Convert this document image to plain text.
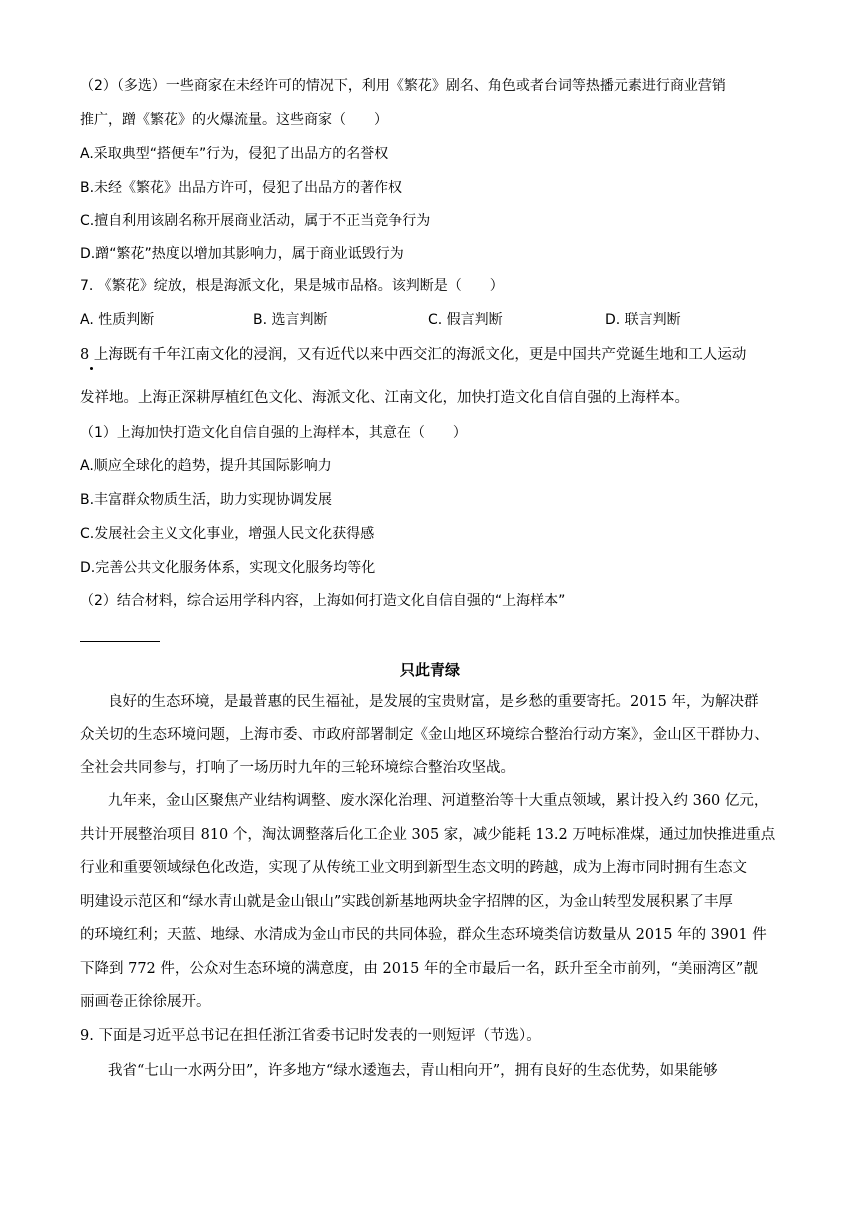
（2）（多选）一些商家在未经许可的情况下，利用《繁花》剧名、角色或者台词等热播元素进行商业营销
推广，蹭《繁花》的火爆流量。这些商家（　　）
A.采取典型“搭便车”行为，侵犯了出品方的名誉权
B.未经《繁花》出品方许可，侵犯了出品方的著作权
C.擅自利用该剧名称开展商业活动，属于不正当竞争行为
D.蹭“繁花”热度以增加其影响力，属于商业诋毁行为
7. 《繁花》绽放，根是海派文化，果是城市品格。该判断是（　　）
A. 性质判断	B. 选言判断	C. 假言判断	D. 联言判断
8 上海既有千年江南文化的浸润，又有近代以来中西交汇的海派文化，更是中国共产党诞生地和工人运动
发祥地。上海正深耕厚植红色文化、海派文化、江南文化，加快打造文化自信自强的上海样本。
（1）上海加快打造文化自信自强的上海样本，其意在（　　）
A.顺应全球化的趋势，提升其国际影响力
B.丰富群众物质生活，助力实现协调发展
C.发展社会主义文化事业，增强人民文化获得感
D.完善公共文化服务体系，实现文化服务均等化
（2）结合材料，综合运用学科内容，上海如何打造文化自信自强的“上海样本”
只此青绿
良好的生态环境，是最普惠的民生福祉，是发展的宝贵财富，是乡愁的重要寄托。2015 年，为解决群
众关切的生态环境问题，上海市委、市政府部署制定《金山地区环境综合整治行动方案》，金山区干群协力、
全社会共同参与，打响了一场历时九年的三轮环境综合整治攻坚战。
九年来，金山区聚焦产业结构调整、废水深化治理、河道整治等十大重点领域，累计投入约 360 亿元，
共计开展整治项目 810 个，淘汰调整落后化工企业 305 家，减少能耗 13.2 万吨标准煤，通过加快推进重点
行业和重要领域绿色化改造，实现了从传统工业文明到新型生态文明的跨越，成为上海市同时拥有生态文
明建设示范区和“绿水青山就是金山银山”实践创新基地两块金字招牌的区，为金山转型发展积累了丰厚
的环境红利；天蓝、地绿、水清成为金山市民的共同体验，群众生态环境类信访数量从 2015 年的 3901 件
下降到 772 件，公众对生态环境的满意度，由 2015 年的全市最后一名，跃升至全市前列，“美丽湾区”靓
丽画卷正徐徐展开。
9. 下面是习近平总书记在担任浙江省委书记时发表的一则短评（节选）。
我省“七山一水两分田”，许多地方“绿水逶迤去，青山相向开”，拥有良好的生态优势，如果能够
